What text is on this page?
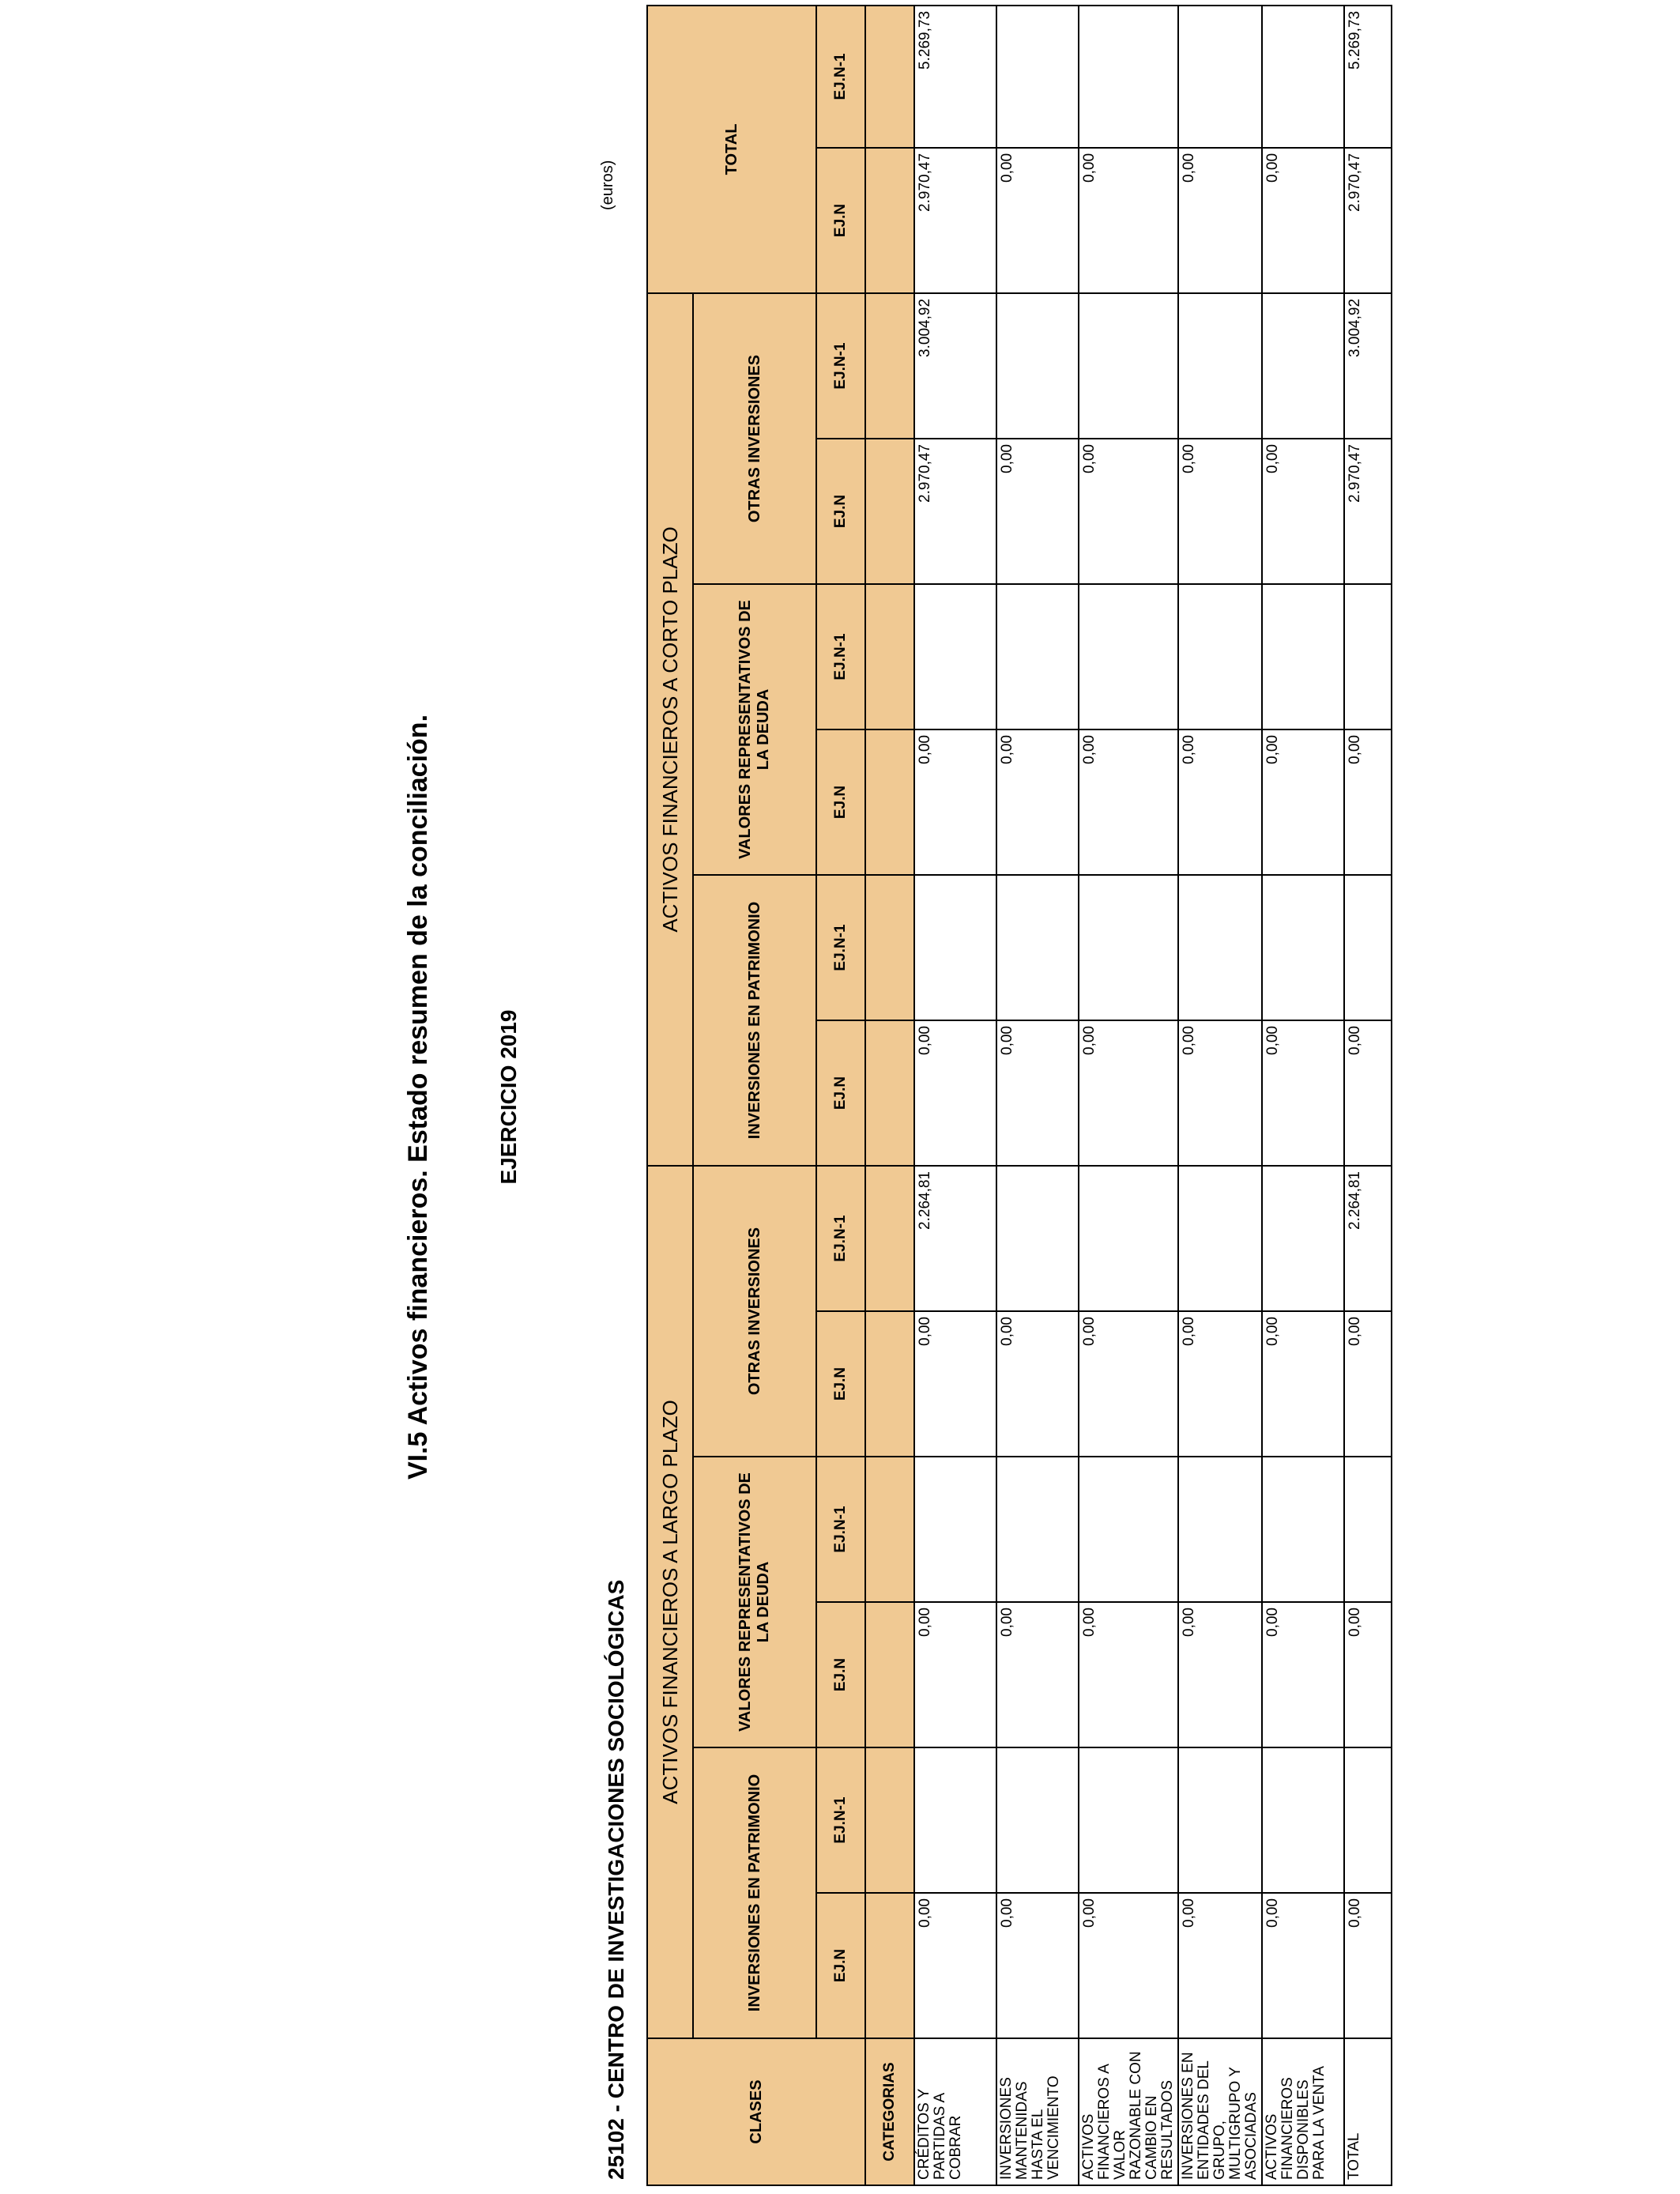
VI.5 Activos financieros. Estado resumen de la conciliación.	EJERCICIO 2019
25102 - CENTRO DE INVESTIGACIONES SOCIOLÓGICAS
(euros)
CLASES	ACTIVOS FINANCIEROS A LARGO PLAZO						ACTIVOS FINANCIEROS A CORTO PLAZO						TOTAL	
	INVERSIONES EN PATRIMONIO		VALORES REPRESENTATIVOS DE LA DEUDA		OTRAS INVERSIONES		INVERSIONES EN PATRIMONIO		VALORES REPRESENTATIVOS DE LA DEUDA		OTRAS INVERSIONES			
	EJ.N	EJ.N-1	EJ.N	EJ.N-1	EJ.N	EJ.N-1	EJ.N	EJ.N-1	EJ.N	EJ.N-1	EJ.N	EJ.N-1	EJ.N	EJ.N-1
CATEGORIAS														
CRÉDITOS Y PARTIDAS A COBRAR	0,00		0,00		0,00	2.264,81	0,00		0,00		2.970,47	3.004,92	2.970,47	5.269,73
INVERSIONES MANTENIDAS HASTA EL VENCIMIENTO	0,00		0,00		0,00		0,00		0,00		0,00		0,00	
ACTIVOS FINANCIEROS A VALOR RAZONABLE CON CAMBIO EN RESULTADOS	0,00		0,00		0,00		0,00		0,00		0,00		0,00	
INVERSIONES EN ENTIDADES DEL GRUPO, MULTIGRUPO Y ASOCIADAS	0,00		0,00		0,00		0,00		0,00		0,00		0,00	
ACTIVOS FINANCIEROS DISPONIBLES PARA LA VENTA	0,00		0,00		0,00		0,00		0,00		0,00		0,00	
TOTAL	0,00		0,00		0,00	2.264,81	0,00		0,00		2.970,47	3.004,92	2.970,47	5.269,73
